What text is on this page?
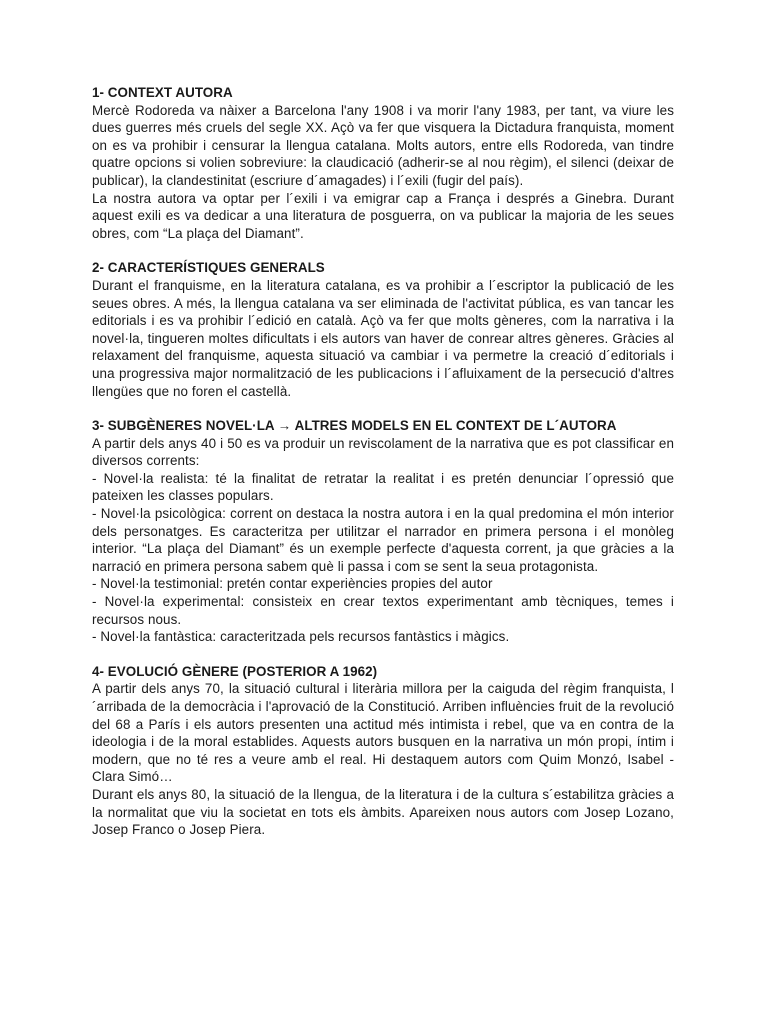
1- CONTEXT AUTORA

Mercè Rodoreda va nàixer a Barcelona l'any 1908 i va morir l'any 1983, per tant, va viure les dues guerres més cruels del segle XX. Açò va fer que visquera la Dictadura franquista, moment on es va prohibir i censurar la llengua catalana. Molts autors, entre ells Rodoreda, van tindre quatre opcions si volien sobreviure: la claudicació (adherir-se al nou règim), el silenci (deixar de publicar), la clandestinitat (escriure d´amagades) i l´exili (fugir del país).

La nostra autora va optar per l´exili i va emigrar cap a França i després a Ginebra. Durant aquest exili es va dedicar a una literatura de posguerra, on va publicar la majoria de les seues obres, com “La plaça del Diamant”.

2- CARACTERÍSTIQUES GENERALS

Durant el franquisme, en la literatura catalana, es va prohibir a l´escriptor la publicació de les seues obres. A més, la llengua catalana va ser eliminada de l'activitat pública, es van tancar les editorials i es va prohibir l´edició en català. Açò va fer que molts gèneres, com la narrativa i la novel·la, tingueren moltes dificultats i els autors van haver de conrear altres gèneres. Gràcies al relaxament del franquisme, aquesta situació va cambiar i va permetre la creació d´editorials i una progressiva major normalització de les publicacions i l´afluixament de la persecució d'altres llengües que no foren el castellà.

3- SUBGÈNERES NOVEL·LA → ALTRES MODELS EN EL CONTEXT DE L´AUTORA

A partir dels anys 40 i 50 es va produir un reviscolament de la narrativa que es pot classificar en diversos corrents:

- Novel·la realista: té la finalitat de retratar la realitat i es pretén denunciar l´opressió que pateixen les classes populars.

- Novel·la psicològica: corrent on destaca la nostra autora i en la qual predomina el món interior dels personatges. Es caracteritza per utilitzar el narrador en primera persona i el monòleg interior. “La plaça del Diamant” és un exemple perfecte d'aquesta corrent, ja que gràcies a la narració en primera persona sabem què li passa i com se sent la seua protagonista.

- Novel·la testimonial: pretén contar experiències propies del autor

- Novel·la experimental: consisteix en crear textos experimentant amb tècniques, temes i recursos nous.

- Novel·la fantàstica: caracteritzada pels recursos fantàstics i màgics.

4- EVOLUCIÓ GÈNERE (POSTERIOR A 1962)

A partir dels anys 70, la situació cultural i literària millora per la caiguda del règim franquista, l´arribada de la democràcia i l'aprovació de la Constitució. Arriben influències fruit de la revolució del 68 a París i els autors presenten una actitud més intimista i rebel, que va en contra de la ideologia i de la moral establides. Aquests autors busquen en la narrativa un món propi, íntim i modern, que no té res a veure amb el real. Hi destaquem autors com Quim Monzó, Isabel - Clara Simó…

Durant els anys 80, la situació de la llengua, de la literatura i de la cultura s´estabilitza gràcies a la normalitat que viu la societat en tots els àmbits. Apareixen nous autors com Josep Lozano, Josep Franco o Josep Piera.
